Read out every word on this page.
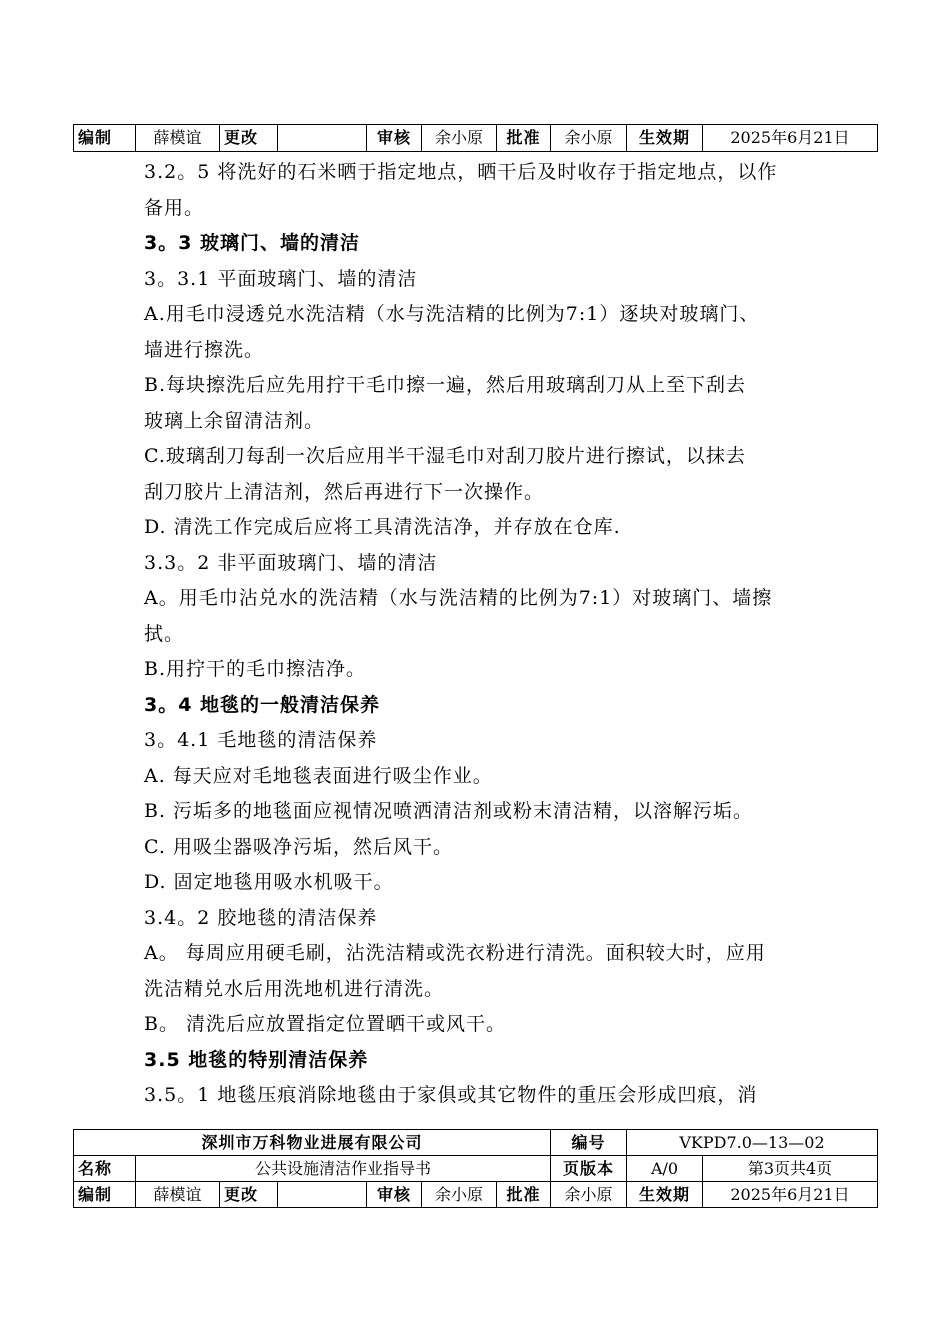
编制	薛模谊	更改		审核	余小原	批准	余小原	生效期	2025年6月21日

3.2。5 将洗好的石米晒于指定地点，晒干后及时收存于指定地点，以作

备用。

3。3 玻璃门、墙的清洁

3。3.1 平面玻璃门、墙的清洁

A.用毛巾浸透兑水洗洁精（水与洗洁精的比例为7:1）逐块对玻璃门、

墙进行擦洗。

B.每块擦洗后应先用拧干毛巾擦一遍，然后用玻璃刮刀从上至下刮去

玻璃上余留清洁剂。

C.玻璃刮刀每刮一次后应用半干湿毛巾对刮刀胶片进行擦试，以抹去

刮刀胶片上清洁剂，然后再进行下一次操作。

D. 清洗工作完成后应将工具清洗洁净，并存放在仓库.

3.3。2 非平面玻璃门、墙的清洁

A。用毛巾沾兑水的洗洁精（水与洗洁精的比例为7:1）对玻璃门、墙擦

拭。

B.用拧干的毛巾擦洁净。

3。4 地毯的一般清洁保养

3。4.1 毛地毯的清洁保养

A. 每天应对毛地毯表面进行吸尘作业。

B. 污垢多的地毯面应视情况喷洒清洁剂或粉末清洁精，以溶解污垢。

C. 用吸尘器吸净污垢，然后风干。

D. 固定地毯用吸水机吸干。

3.4。2 胶地毯的清洁保养

A。 每周应用硬毛刷，沾洗洁精或洗衣粉进行清洗。面积较大时，应用

洗洁精兑水后用洗地机进行清洗。

B。 清洗后应放置指定位置晒干或风干。

3.5 地毯的特别清洁保养

3.5。1 地毯压痕消除地毯由于家俱或其它物件的重压会形成凹痕，消

深圳市万科物业进展有限公司							编号	VKPD7.0—13—02	
名称	公共设施清洁作业指导书						页版本	A/0	第3页共4页
编制	薛模谊	更改		审核	余小原	批准	余小原	生效期	2025年6月21日
